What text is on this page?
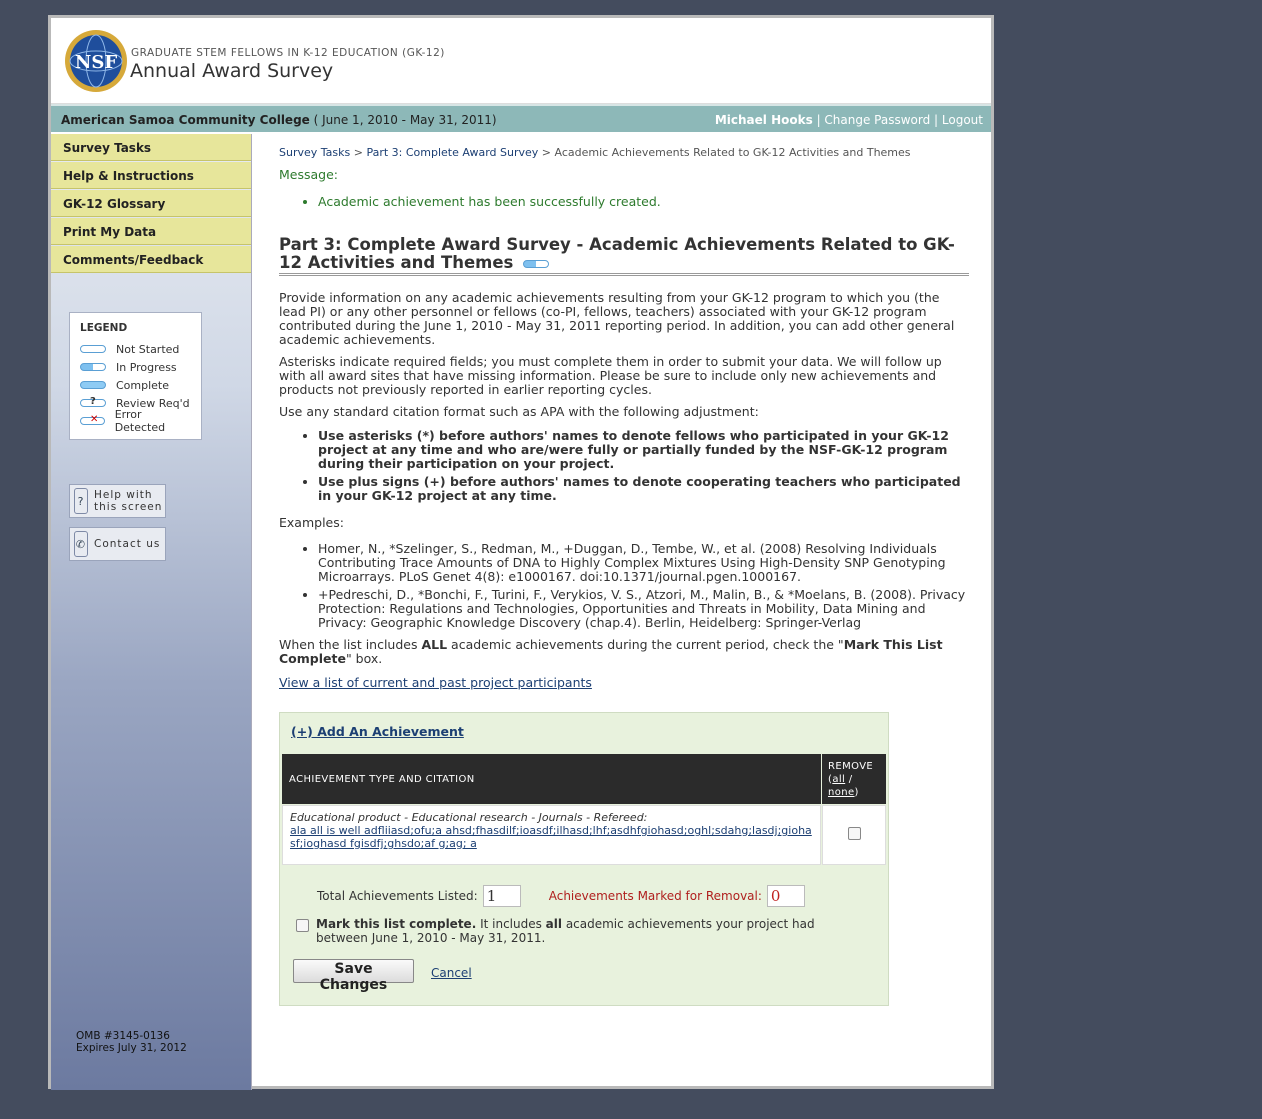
NSF GRADUATE STEM FELLOWS IN K-12 EDUCATION (GK-12)
Annual Award Survey
American Samoa Community College ( June 1, 2010 - May 31, 2011)	Michael Hooks | Change Password | Logout
Survey Tasks
Help & Instructions
GK-12 Glossary
Print My Data
Comments/Feedback
LEGEND
Not Started
In Progress
Complete
? Review Req'd
✕ Error Detected
? Help with
this screen
✆ Contact us
OMB #3145-0136
Expires July 31, 2012
Survey Tasks > Part 3: Complete Award Survey > Academic Achievements Related to GK-12 Activities and Themes
Message:
• Academic achievement has been successfully created.
Part 3: Complete Award Survey - Academic Achievements Related to GK-12 Activities and Themes

Provide information on any academic achievements resulting from your GK-12 program to which you (the lead PI) or any other personnel or fellows (co-PI, fellows, teachers) associated with your GK-12 program contributed during the June 1, 2010 - May 31, 2011 reporting period. In addition, you can add other general academic achievements.

Asterisks indicate required fields; you must complete them in order to submit your data. We will follow up with all award sites that have missing information. Please be sure to include only new achievements and products not previously reported in earlier reporting cycles.

Use any standard citation format such as APA with the following adjustment:

• Use asterisks (*) before authors' names to denote fellows who participated in your GK-12 project at any time and who are/were fully or partially funded by the NSF-GK-12 program during their participation on your project.
• Use plus signs (+) before authors' names to denote cooperating teachers who participated in your GK-12 project at any time.

Examples:

• Homer, N., *Szelinger, S., Redman, M., +Duggan, D., Tembe, W., et al. (2008) Resolving Individuals Contributing Trace Amounts of DNA to Highly Complex Mixtures Using High-Density SNP Genotyping Microarrays. PLoS Genet 4(8): e1000167. doi:10.1371/journal.pgen.1000167.
• +Pedreschi, D., *Bonchi, F., Turini, F., Verykios, V. S., Atzori, M., Malin, B., & *Moelans, B. (2008). Privacy Protection: Regulations and Technologies, Opportunities and Threats in Mobility, Data Mining and Privacy: Geographic Knowledge Discovery (chap.4). Berlin, Heidelberg: Springer-Verlag

When the list includes ALL academic achievements during the current period, check the "Mark This List Complete" box.

View a list of current and past project participants
(+) Add An Achievement
ACHIEVEMENT TYPE AND CITATION	REMOVE
(all /
none)

Educational product - Educational research - Journals - Refereed:
ala all is well adfliiasd;ofu;a ahsd;fhasdilf;ioasdf;ilhasd;lhf;asdhfgiohasd;oghl;sdahg;lasdj;giohasf;ioghasd fgisdfj;ghsdo;af g;ag; a	
Total Achievements Listed: 1	Achievements Marked for Removal: 0
Mark this list complete. It includes all academic achievements your project had between June 1, 2010 - May 31, 2011.
Save Changes
Cancel
